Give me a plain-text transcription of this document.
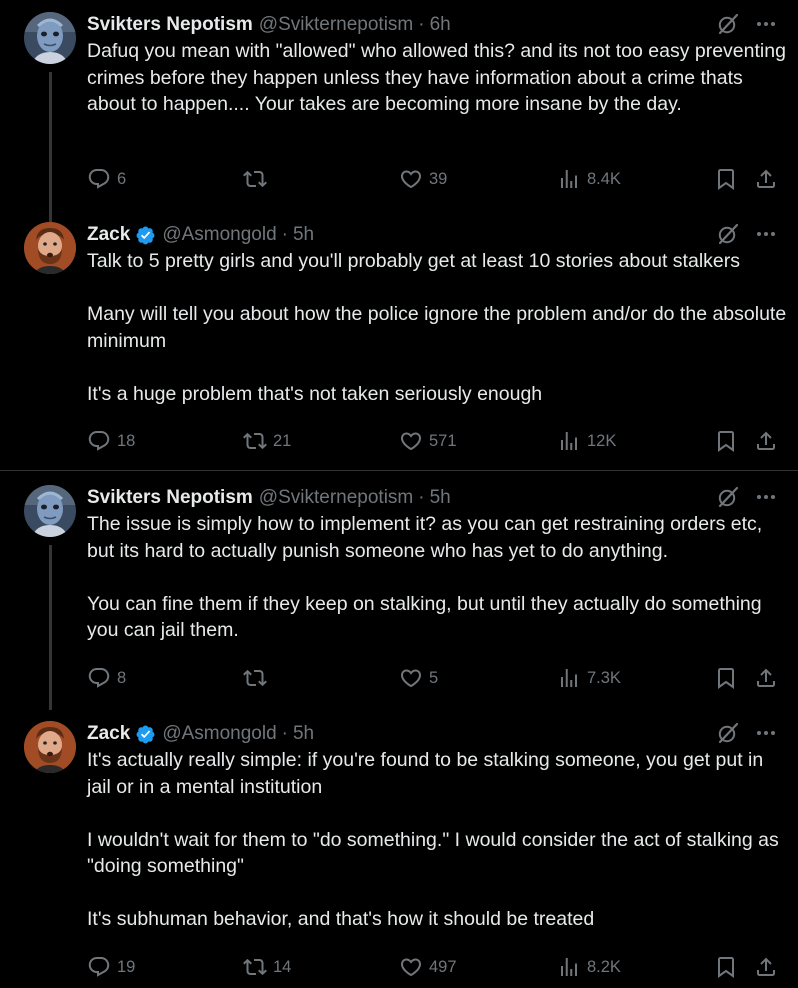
Svikters Nepotism @Svikternepotism · 6h

Dafuq you mean with "allowed" who allowed this? and its not too easy preventing crimes before they happen unless they have information about a crime thats about to happen.... Your takes are becoming more insane by the day.

6	39	8.4K
Zack @Asmongold · 5h

Talk to 5 pretty girls and you'll probably get at least 10 stories about stalkers

Many will tell you about how the police ignore the problem and/or do the absolute minimum

It's a huge problem that's not taken seriously enough

18	21	571	12K
Svikters Nepotism @Svikternepotism · 5h

The issue is simply how to implement it? as you can get restraining orders etc, but its hard to actually punish someone who has yet to do anything.

You can fine them if they keep on stalking, but until they actually do something you can jail them.

8	5	7.3K
Zack @Asmongold · 5h

It's actually really simple: if you're found to be stalking someone, you get put in jail or in a mental institution

I wouldn't wait for them to "do something." I would consider the act of stalking as "doing something"

It's subhuman behavior, and that's how it should be treated

19	14	497	8.2K
